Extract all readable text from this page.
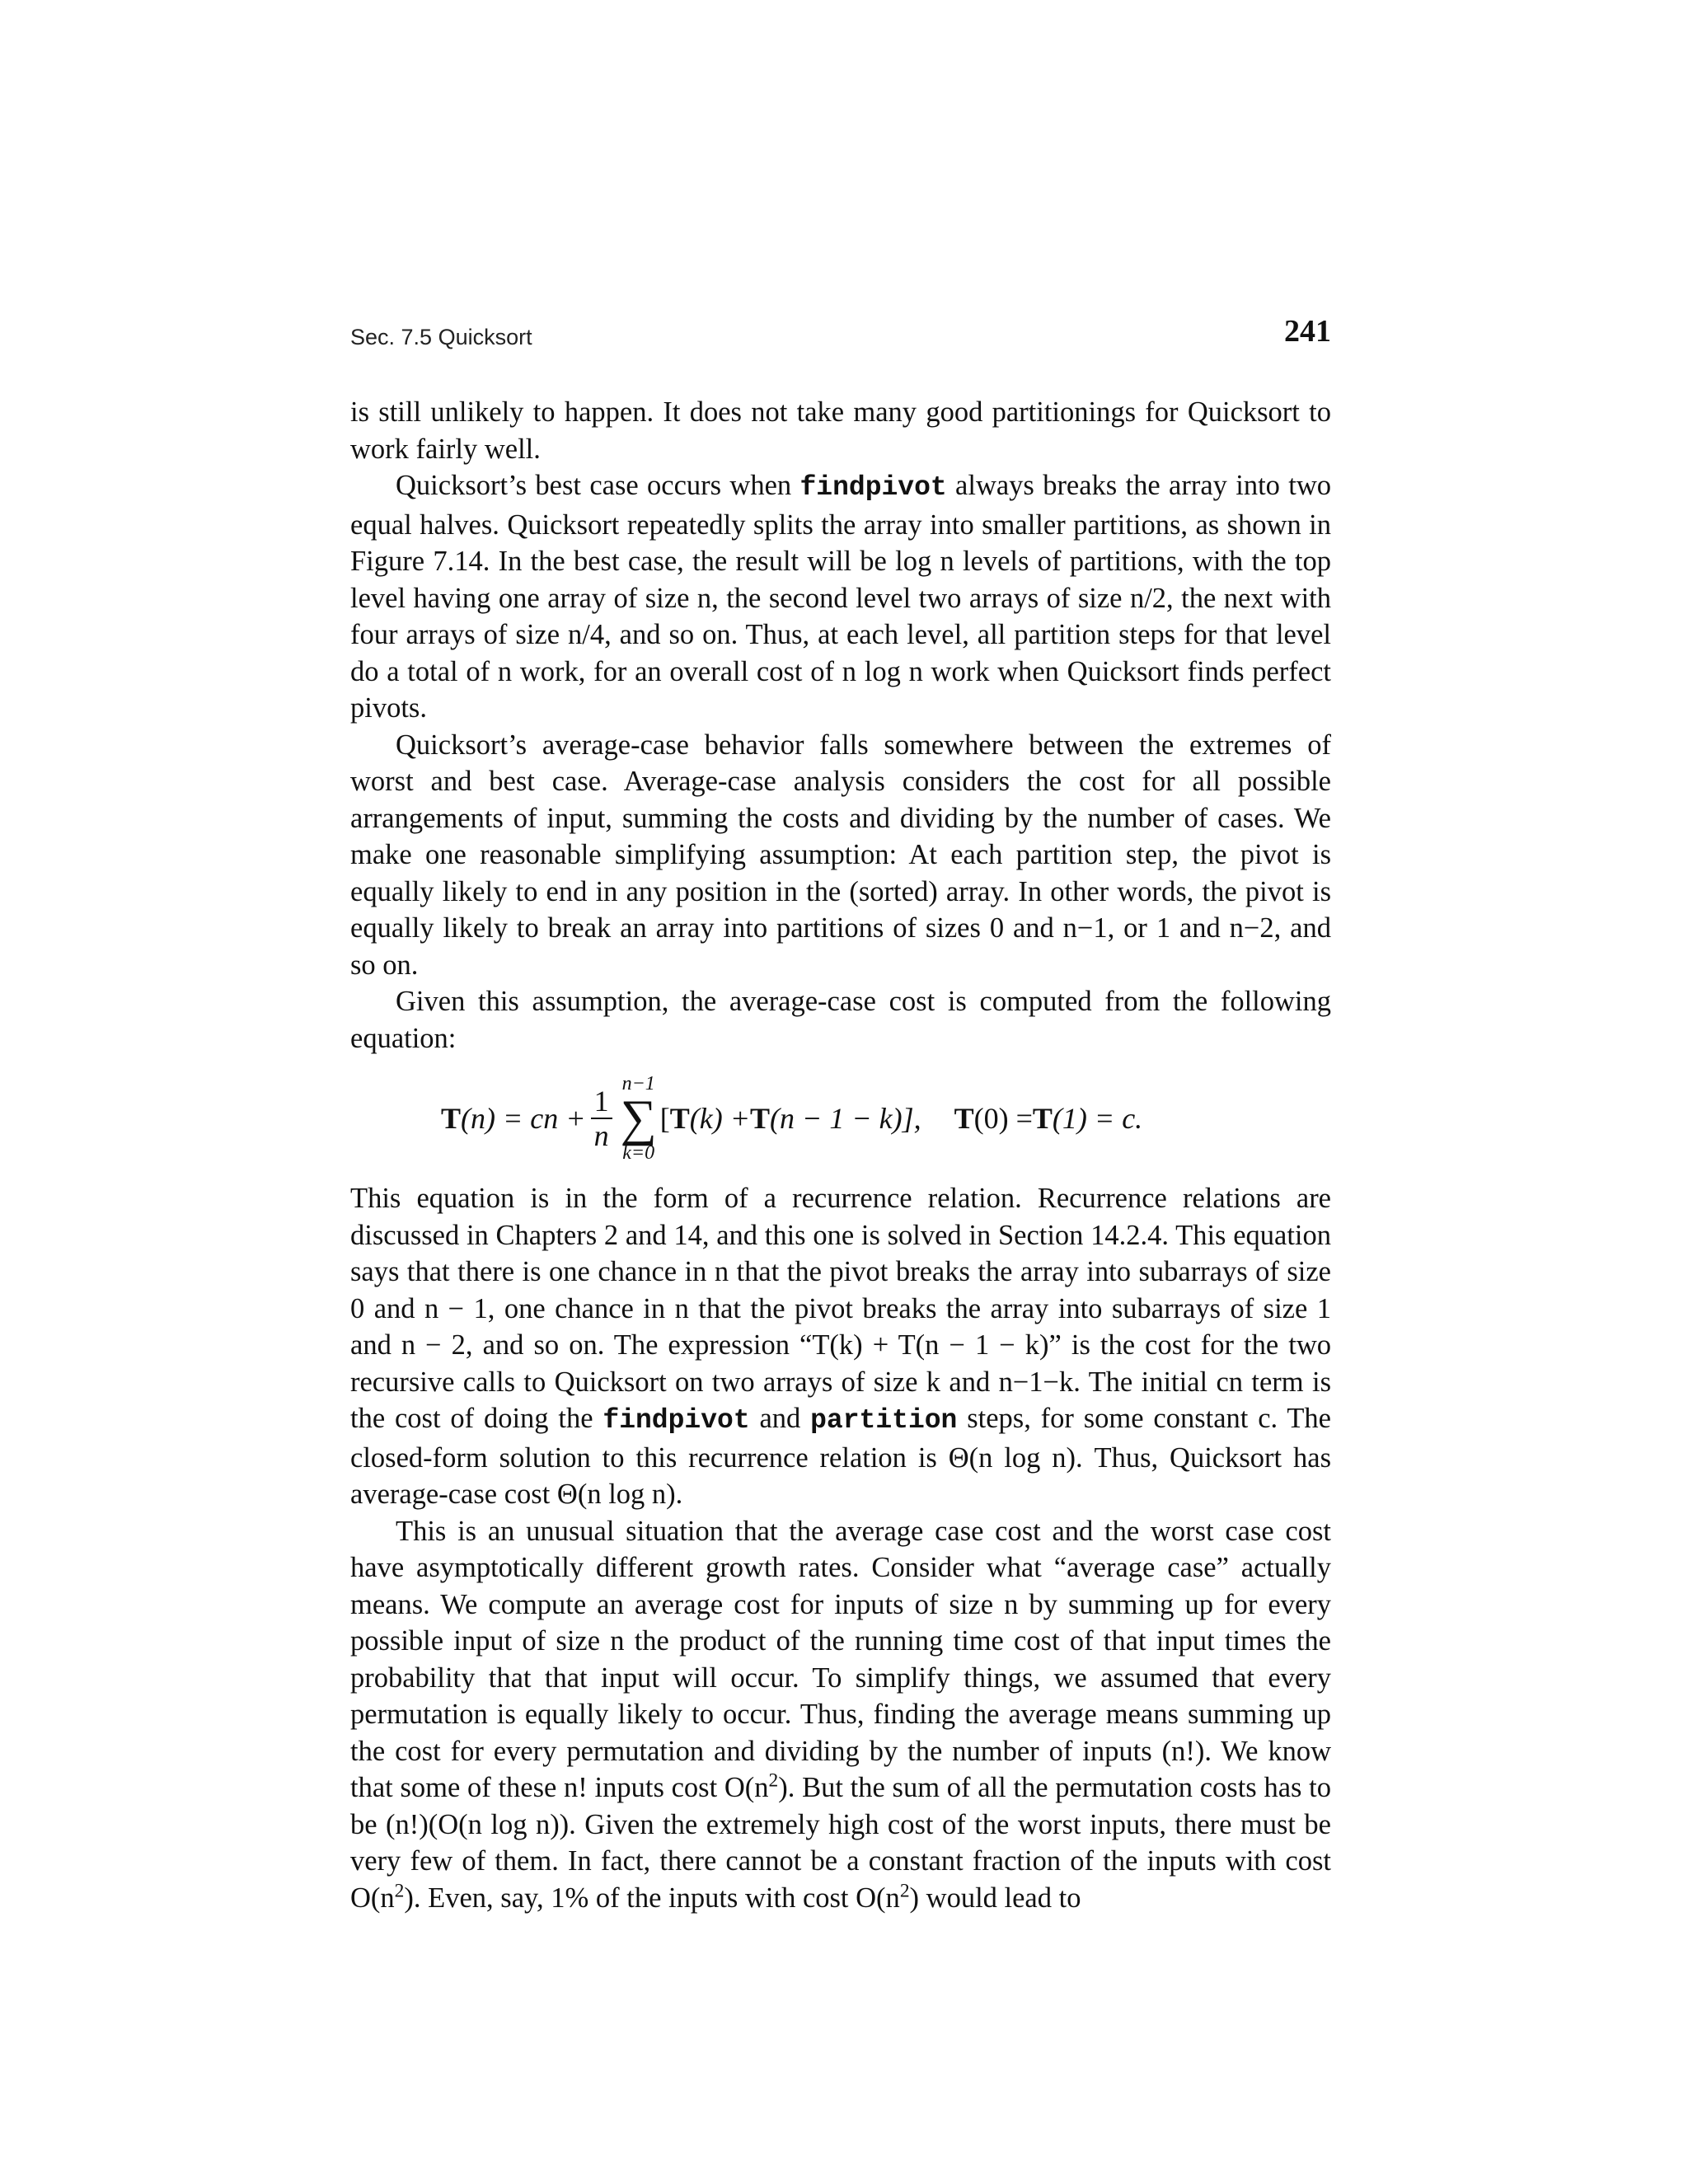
Sec. 7.5 Quicksort	241

is still unlikely to happen. It does not take many good partitionings for Quicksort to work fairly well.

Quicksort’s best case occurs when findpivot always breaks the array into two equal halves. Quicksort repeatedly splits the array into smaller partitions, as shown in Figure 7.14. In the best case, the result will be log n levels of partitions, with the top level having one array of size n, the second level two arrays of size n/2, the next with four arrays of size n/4, and so on. Thus, at each level, all partition steps for that level do a total of n work, for an overall cost of n log n work when Quicksort finds perfect pivots.

Quicksort’s average-case behavior falls somewhere between the extremes of worst and best case. Average-case analysis considers the cost for all possible arrangements of input, summing the costs and dividing by the number of cases. We make one reasonable simplifying assumption: At each partition step, the pivot is equally likely to end in any position in the (sorted) array. In other words, the pivot is equally likely to break an array into partitions of sizes 0 and n−1, or 1 and n−2, and so on.

Given this assumption, the average-case cost is computed from the following equation:

T (n) = cn + $\frac{1}{n}$
n−1
∑
k=0
[ T (k) + T (n − 1 − k)], T (0) = T (1) = c.

This equation is in the form of a recurrence relation. Recurrence relations are discussed in Chapters 2 and 14, and this one is solved in Section 14.2.4. This equation says that there is one chance in n that the pivot breaks the array into subarrays of size 0 and n − 1, one chance in n that the pivot breaks the array into subarrays of size 1 and n − 2, and so on. The expression “T(k) + T(n − 1 − k)” is the cost for the two recursive calls to Quicksort on two arrays of size k and n−1−k. The initial cn term is the cost of doing the findpivot and partition steps, for some constant c. The closed-form solution to this recurrence relation is Θ(n log n). Thus, Quicksort has average-case cost Θ(n log n).

This is an unusual situation that the average case cost and the worst case cost have asymptotically different growth rates. Consider what “average case” actually means. We compute an average cost for inputs of size n by summing up for every possible input of size n the product of the running time cost of that input times the probability that that input will occur. To simplify things, we assumed that every permutation is equally likely to occur. Thus, finding the average means summing up the cost for every permutation and dividing by the number of inputs (n!). We know that some of these n! inputs cost $O(n^2)$. But the sum of all the permutation costs has to be (n!)(O(n log n)). Given the extremely high cost of the worst inputs, there must be very few of them. In fact, there cannot be a constant fraction of the inputs with cost $O(n^2)$. Even, say, 1% of the inputs with cost $O(n^2)$ would lead to
